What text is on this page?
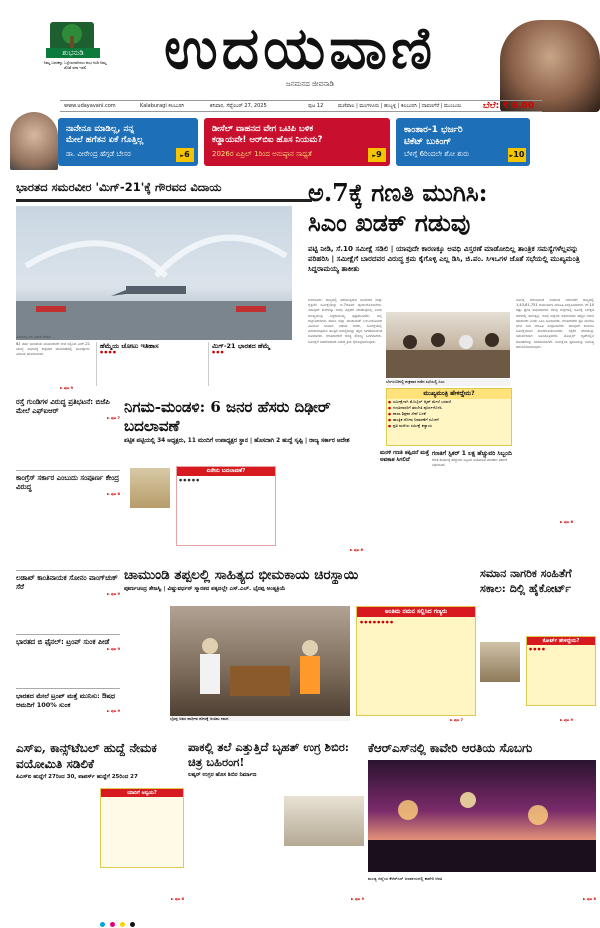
ಶುಭನುಡಿ
ನಿಮ್ಮ ಬದುಕನ್ನು ಒಳ್ಳೆಯದಾಗಿಸಲು ಶುಭ ನುಡಿ ನಿಮ್ಮ ಜೊತೆ ಸದಾ ಇರಲಿ	ಉದಯವಾಣಿ
ಜನಮನದ ಜೀವನಾಡಿ
www.udayavani.com	Kalaburagi ಕಲಬುರಗಿ	ಶನಿವಾರ, ಸೆಪ್ಟೆಂಬರ್ 27, 2025	ಪುಟ 12	ಮಣಿಪಾಲ | ಮಂಗಳೂರು | ಹುಬ್ಬಳ್ಳಿ | ಕಲಬುರಗಿ | ದಾವಣಗೆರೆ | ಮುಂಬಯಿ ಬೆಲೆ: ₹ 6.00
ನಾನೇನೂ ಮಾಡಿಲ್ಲ, ನನ್ನ
ಮೇಲೆ ಹಗೆತನ ಏಕೆ ಗೊತ್ತಿಲ್ಲ
ಡಾ. ವೀರೇಂದ್ರ ಹೆಗ್ಗಡೆ ಬೇಸರ	►6
ಡೀಸೆಲ್ ವಾಹನದ ವೇಗ ಒಟಿಪಿ ಬಳಿಕ
ಕಡ್ಡಾಯವೇ! ಆರ್‌ಬಿಐ ಹೊಸ ನಿಯಮ?
2026ರ ಏಪ್ರಿಲ್ 1ರಿಂದ ಅನುಷ್ಠಾನ ಸಾಧ್ಯತೆ	►9
ಕಾಂತಾರ-1 ಭರ್ಜರಿ
ಟಿಕೆಟ್ ಬುಕಿಂಗ್
ಬೆಳಿಗ್ಗೆ 6ರಿಂದಲೇ ಶೋ ಶುರು	►10
ಭಾರತದ ಸಮರವೀರ 'ಮಿಗ್‌-21'ಕ್ಕೆ ಗೌರವದ ವಿದಾಯ
ವಿಮಾನಕ್ಕೆ ಜಲ ಫಿರಂಗಿ ಗೌರವ

62 ವರ್ಷ ಭಾರತೀಯ ವಾಯುಸೇನೆಗೆ ಸೇವೆ ಸಲ್ಲಿಸಿದ ಮಿಗ್‌-21 ಯುದ್ಧ ವಿಮಾನಕ್ಕೆ ಶುಕ್ರವಾರ ಚಂಡೀಗಢದಲ್ಲಿ ಭಾವಪೂರ್ಣ ವಿದಾಯ ಹೇಳಲಾಯಿತು.

ಹೆಮ್ಮೆಯ ಚೋಟು ಇತಿಹಾಸ
● ● ● ●
ಮಿಗ್‌-21 ಭಾರತದ ಹೆಮ್ಮೆ
● ● ●
► ಪುಟ 9
ಅ.7ಕ್ಕೆ ಗಣತಿ ಮುಗಿಸಿ:
ಸಿಎಂ ಖಡಕ್ ಗಡುವು
ಪಟ್ಟಿ ನೀಡಿ, ಸೆ.10 ಸಮೀಕ್ಷೆ ಸಡಿಲಿ | ಯಾವುದೇ ಕಾರಣಕ್ಕೂ ಅವಧಿ ವಿಸ್ತರಣೆ ಮಾಡೋದಿಲ್ಲ ತಾಂತ್ರಿಕ ಸಮಸ್ಯೆಗಳೆಲ್ಲವನ್ನು ಪರಿಹರಿಸಿ | ಸಮೀಕ್ಷೆಗೆ ಬಾರದವರ ವಿರುದ್ಧ ಕ್ರಮ ಕೈಗೊಳ್ಳಿ ಎಲ್ಲ ಡಿಸಿ, ಜಿ.ಪಂ. ಸಿಇಒಗಳ ಜೊತೆ ಸಭೆಯಲ್ಲಿ ಮುಖ್ಯಮಂತ್ರಿ ಸಿದ್ದರಾಮಯ್ಯ ತಾಕೀತು

ಬೆಂಗಳೂರು: ರಾಜ್ಯದಲ್ಲಿ ನಡೆಯುತ್ತಿರುವ ಸಾಮಾಜಿಕ ಮತ್ತು ಶೈಕ್ಷಣಿಕ ಸಮೀಕ್ಷೆಯನ್ನು ಅ.7ರೊಳಗೆ ಪೂರ್ಣಗೊಳಿಸಬೇಕು. ಯಾವುದೇ ಕಾರಣಕ್ಕೂ ಅವಧಿ ವಿಸ್ತರಣೆ ಮಾಡುವುದಿಲ್ಲ ಎಂದು ಮುಖ್ಯಮಂತ್ರಿ ಸಿದ್ದರಾಮಯ್ಯ ಸ್ಪಷ್ಟಪಡಿಸಿದರು. ಎಲ್ಲ ಜಿಲ್ಲಾಧಿಕಾರಿಗಳು ಹಾಗೂ ಜಿಲ್ಲಾ ಪಂಚಾಯತ್ ಸಿಇಒಗಳೊಂದಿಗೆ ವಿಡಿಯೋ ಸಂವಾದ ನಡೆಸಿದ ಅವರು, ಸಮೀಕ್ಷೆಯಲ್ಲಿ ಎದುರಾಗುತ್ತಿರುವ ತಾಂತ್ರಿಕ ಸಮಸ್ಯೆಗಳನ್ನು ತಕ್ಷಣ ಬಗೆಹರಿಸುವಂತೆ ಸೂಚಿಸಿದರು. ಗಣತಿದಾರರಿಗೆ ಅಗತ್ಯ ಸೌಲಭ್ಯ ಒದಗಿಸಬೇಕು. ಸಮೀಕ್ಷೆಗೆ ಸಹಕರಿಸದವರ ವಿರುದ್ಧ ಕ್ರಮ ಕೈಗೊಳ್ಳಲಾಗುವುದು.

ಬೆಂಗಳೂರಿನಲ್ಲಿ ಶುಕ್ರವಾರ ನಡೆದ ಸಭೆಯಲ್ಲಿ ಸಿಎಂ

ಸಮೀಕ್ಷೆ ಆರಂಭವಾದ ದಿನದಿಂದ ಇದುವರೆಗೆ ರಾಜ್ಯದಲ್ಲಿ 1,43,81,751 ಕುಟುಂಬಗಳ ಮಾಹಿತಿ ಸಂಗ್ರಹಿಸಲಾಗಿದೆ. ಶೇ.10 ರಷ್ಟು ಪ್ರಗತಿ ಸಾಧಿಸಲಾಗಿದೆ. ಕೆಲವು ಜಿಲ್ಲೆಗಳಲ್ಲಿ ಸಮೀಕ್ಷೆ ನಿರೀಕ್ಷಿತ ವೇಗದಲ್ಲಿ ಸಾಗುತ್ತಿಲ್ಲ. ಅಂಥ ಜಿಲ್ಲೆಗಳ ಅಧಿಕಾರಿಗಳು ಹೆಚ್ಚಿನ ಗಮನ ಹರಿಸಬೇಕು ಎಂದು ಸಿಎಂ ಸೂಚಿಸಿದರು. ಗಣತಿದಾರರು ಪ್ರತಿ ಮನೆಗೂ ಭೇಟಿ ನೀಡಿ ಮಾಹಿತಿ ಸಂಗ್ರಹಿಸಬೇಕು. ಯಾವುದೇ ಕುಟುಂಬ ಸಮೀಕ್ಷೆಯಿಂದ ಹೊರಗುಳಿಯಬಾರದು. ಶಿಕ್ಷಕರ ಸೇವೆಯನ್ನು ಸಮರ್ಪಕವಾಗಿ ಬಳಸಿಕೊಳ್ಳಬೇಕು. ಮೊಬೈಲ್ ಆ್ಯಪ್‌ನಲ್ಲಿನ ದೋಷಗಳನ್ನು ಸರಿಪಡಿಸಲಾಗಿದೆ. ಸಮೀಕ್ಷೆಯ ಪ್ರಗತಿಯನ್ನು ದಿನನಿತ್ಯ ಪರಿಶೀಲಿಸಲಾಗುವುದು.

ಮುಖ್ಯಮಂತ್ರಿ ಹೇಳಿದ್ದೇನು?
● ಸಮೀಕ್ಷೆಗಾಗಿ ಮೊಬೈಲ್ ಆ್ಯಪ್ ಮೇಲೆ ಭರವಸೆ
● ಗಣತಿದಾರರಿಗೆ ತರಬೇತಿ ಪೂರ್ಣಗೊಳಿಸಿ
● ಶಾಲಾ ಶಿಕ್ಷಕರ ಸೇವೆ ಬಳಕೆ
● ತಾಂತ್ರಿಕ ದೋಷ ನಿವಾರಣೆಗೆ ಸೂಚನೆ
● ಪ್ರತಿ ಮನೆಯ ಸಮೀಕ್ಷೆ ಕಡ್ಡಾಯ
ಗಣತಿಗೆ ಸ್ಟಿಕರ್ 1 ಲಕ್ಷ ಹೆಚ್ಚುವರಿ ಸಿಬ್ಬಂದಿ
ಗಣತಿ ಕಾರ್ಯಕ್ಕೆ ಹೆಚ್ಚುವರಿ ಸಿಬ್ಬಂದಿ ನಿಯೋಜನೆ ಮಾಡಲು ಸರ್ಕಾರ ನಿರ್ಧರಿಸಿದೆ.
ಮರಳಿ ಗಣತಿ ತಪ್ಪಿದರೆ ಮತ್ತೆ ಅವಕಾಶ ಸಿಗಲಿದೆ
► ಪುಟ 6
ರಸ್ತೆ ಗುಂಡಿಗಳ ವಿರುದ್ಧ ಪ್ರತಿಭಟನೆ: ಬಿಜೆಪಿ ಮೇಲೆ ಎಫ್‌ಐಆರ್
► ಪುಟ 7
ಕಾಂಗ್ರೆಸ್ ಸರ್ಕಾರ ಎಂಬುದು ಸಂಪೂರ್ಣ ಕೇಂದ್ರ ವಿರುದ್ಧ
► ಪುಟ 8
ಲಡಾಖ್ ಕಾಂತಿನಾಯಕ ಸೋನಂ ವಾಂಗ್‌ಚುಕ್ ಸೆರೆ
► ಪುಟ 9
ಭಾರತದ ಬಿ ಫೈನಲ್: ಟ್ರಂಪ್ ಸುಂಕ ಪೀಡೆ
► ಪುಟ 9
ಭಾರತದ ಮೇಲೆ ಟ್ರಂಪ್ ಮತ್ತೆ ಮುನಿಸು: ಔಷಧ ಆಮದಿಗೆ 100% ಸುಂಕ
► ಪುಟ 9
ನಿಗಮ-ಮಂಡಳಿ: 6 ಜನರ ಹೆಸರು ದಿಢೀರ್ ಬದಲಾವಣೆ
ಪಟ್ಟಿಕ ಪಟ್ಟಿಯಲ್ಲಿ 34 ಅಧ್ಯಕ್ಷರು, 11 ಮಂದಿಗೆ ಉಪಾಧ್ಯಕ್ಷರ ಸ್ಥಾನ | ಹೊಸದಾಗಿ 2 ಹುದ್ದೆ ಸೃಷ್ಟಿ | ರಾಜ್ಯ ಸರ್ಕಾರ ಆದೇಶ
ಏನೇನು ಬದಲಾವಣೆ?
● ● ● ● ●
► ಪುಟ 6
ಚಾಮುಂಡಿ ತಪ್ಪಲಲ್ಲಿ ಸಾಹಿತ್ಯದ ಭೀಮಕಾಯ ಚಿರಸ್ಥಾಯಿ
ಪೂರ್ಣಚಂದ್ರ ತೇಜಸ್ವಿ | ವಿಷ್ಣುವರ್ಧನ್ ಸ್ಮಾರಕದ ಪಕ್ಕದಲ್ಲೇ ಎಸ್.ಎಲ್. ಭೈರಪ್ಪ ಅಂತ್ಯಕ್ರಿಯೆ
ಭೈರಪ್ಪ ಅವರ ಪಾರ್ಥಿವ ಶರೀರಕ್ಕೆ ಅಂತಿಮ ನಮನ
ಅಂತಿಮ ನಮನ ಸಲ್ಲಿಸಿದ ಗಣ್ಯರು
● ● ● ● ● ● ● ●
► ಪುಟ 7
ಸಮಾನ ನಾಗರಿಕ ಸಂಹಿತೆಗೆ ಸಕಾಲ: ದಿಲ್ಲಿ ಹೈಕೋರ್ಟ್
ಕೋರ್ಟ್ ಹೇಳಿದ್ದೇನು?
● ● ● ●
► ಪುಟ 9
ಎಸ್‌ಐ, ಕಾನ್ಸ್‌ಟೆಬಲ್ ಹುದ್ದೆ ನೇಮಕ ವಯೋಮಿತಿ ಸಡಿಲಿಕೆ
ಪಿಎಸ್‌ಐ ಹುದ್ದೆಗೆ 27ರಿಂದ 30, ಪಾಪರ್ಸ್ ಹುದ್ದೆಗೆ 25ರಿಂದ 27
ಯಾರಿಗೆ ಅನ್ವಯ?
► ಪುಟ 8
ಪಾಕಲ್ಲಿ ತಲೆ ಎತ್ತುತ್ತಿದೆ ಬೃಹತ್ ಉಗ್ರ ಶಿಬಿರ: ಚಿತ್ರ ಬಹಿರಂಗ!
ಲಷ್ಕರ್ ಉಗ್ರರ ಹೊಸ ಶಿಬಿರ ನಿರ್ಮಾಣ
► ಪುಟ 9
ಕೆಆರ್‌ಎಸ್‌ನಲ್ಲಿ ಕಾವೇರಿ ಆರತಿಯ ಸೊಬಗು
ಮಂಡ್ಯ ಜಿಲ್ಲೆಯ ಕೆಆರ್‌ಎಸ್ ಜಲಾಶಯದಲ್ಲಿ ಕಾವೇರಿ ಆರತಿ
► ಪುಟ 8
